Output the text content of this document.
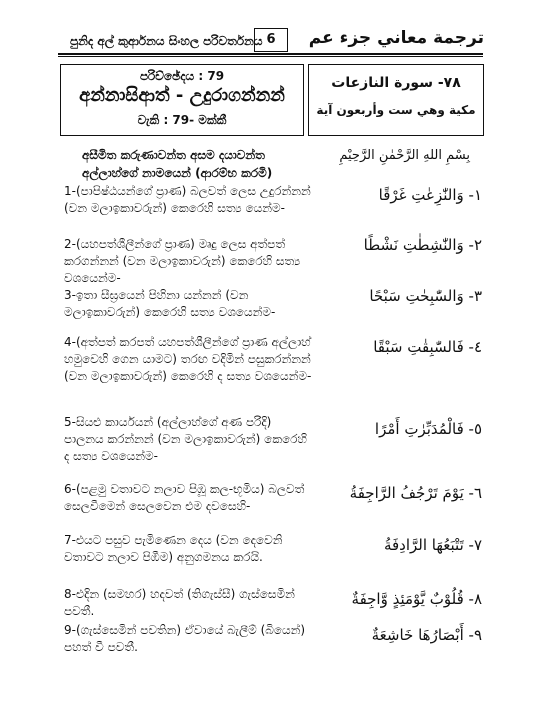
පුනිද අල් කුර්ආනය සිංහල පරිවර්තනය 6	ترجمة معاني جزء عم
පරිච්ඡේදය : 79
අන්නාසිආත් - උදුරාගන්නන්
වැකි : 79- මක්කී
٧٨- سورة النازعات
مكية وهي ست وأربعون آية
අසීමිත කරුණාවන්ත අසම දයාවන්ත අල්ලාහ්ගේ නාමයෙන් (ආරම්භ කරමි)
بِسْمِ اللهِ الرَّحْمٰنِ الرَّحِيْمِ
1-(පාපිෂ්ඨයන්ගේ ප්‍රාණ) බලවත් ලෙස උදුරන්නන් (වන මලාඉකාවරුන්) කෙරෙහි සත්‍ය යෙන්ම-
١- وَالنّٰزِعٰتِ غَرْقًا
2-(යහපත්ශීලීන්ගේ ප්‍රාණ) මෘදු ලෙස අත්පත් කරගන්නන් (වන මලාඉකාවරුන්) කෙරෙහි සත්‍ය වශයෙන්ම-
٢- وَالنّٰشِطٰتِ نَشْطًا
3-ඉතා සීඝ්‍රයෙන් පිහිනා යන්නන් (වන මලාඉකාවරුන්) කෙරෙහි සත්‍ය වශයෙන්ම-
٣- وَالسّٰبِحٰتِ سَبْحًا
4-(අත්පත් කරපත් යහපත්ශීලීන්ගේ ප්‍රාණ අල්ලාහ් හමුවෙහි ගෙන යාමට) තරඟ වදිමින් පසුකරන්නන් (වන මලාඉකාවරුන්) කෙරෙහි ද සත්‍ය වශයෙන්ම-
٤- فَالسّٰبِقٰتِ سَبْقًا
5-සියළු කාර්යයන් (අල්ලාහ්ගේ අණ පරිදි) පාලනය කරන්නන් (වන මලාඉකාවරුන්) කෙරෙහි ද සත්‍ය වශයෙන්ම-
٥- فَالْمُدَبِّرٰتِ أَمْرًا
6-(පළමු වතාවට නලාව පිඹූ කල-භූමිය) බලවත් සෙලවීමෙන් සෙලවෙන එම දවසෙහි-
٦- يَوْمَ تَرْجُفُ الرَّاجِفَةُ
7-එයට පසුව පැමිණෙන දෙය (වන දෙවෙනි වතාවට නලාව පිඹීම) අනුගමනය කරයි.
٧- تَتْبَعُهَا الرَّادِفَةُ
8-එදින (සමහර) හදවත් (තිගැස්සී) ගැස්සෙමින් පවතී.
٨- قُلُوْبٌ يَّوْمَئِذٍ وَّاجِفَةٌ
9-(ගැස්සෙමින් පවතින) ඒවායේ බැලීම් (බියෙන්) පහත් වී පවතී.
٩- أَبْصَارُهَا خَاشِعَةٌ
